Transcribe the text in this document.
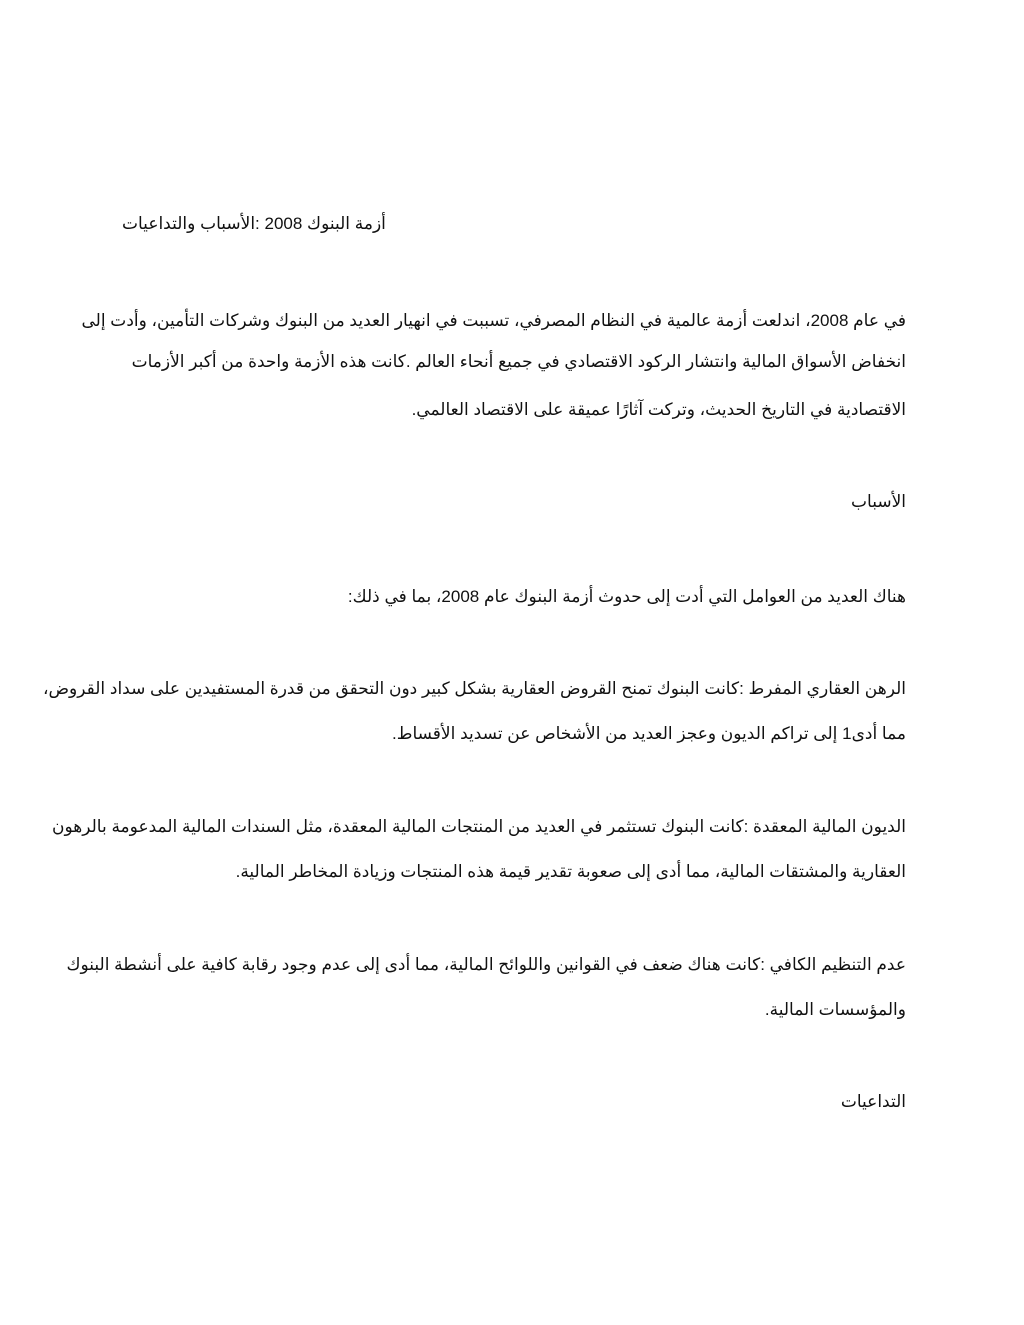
أزمة البنوك 2008 :الأسباب والتداعيات
في عام 2008، اندلعت أزمة عالمية في النظام المصرفي، تسببت في انهيار العديد من البنوك وشركات التأمين، وأدت إلى
انخفاض الأسواق المالية وانتشار الركود الاقتصادي في جميع أنحاء العالم .كانت هذه الأزمة واحدة من أكبر الأزمات
الاقتصادية في التاريخ الحديث، وتركت آثارًا عميقة على الاقتصاد العالمي.
الأسباب
هناك العديد من العوامل التي أدت إلى حدوث أزمة البنوك عام 2008، بما في ذلك:
الرهن العقاري المفرط :كانت البنوك تمنح القروض العقارية بشكل كبير دون التحقق من قدرة المستفيدين على سداد القروض،
مما أدى1 إلى تراكم الديون وعجز العديد من الأشخاص عن تسديد الأقساط.
الديون المالية المعقدة :كانت البنوك تستثمر في العديد من المنتجات المالية المعقدة، مثل السندات المالية المدعومة بالرهون
العقارية والمشتقات المالية، مما أدى إلى صعوبة تقدير قيمة هذه المنتجات وزيادة المخاطر المالية.
عدم التنظيم الكافي :كانت هناك ضعف في القوانين واللوائح المالية، مما أدى إلى عدم وجود رقابة كافية على أنشطة البنوك
والمؤسسات المالية.
التداعيات
